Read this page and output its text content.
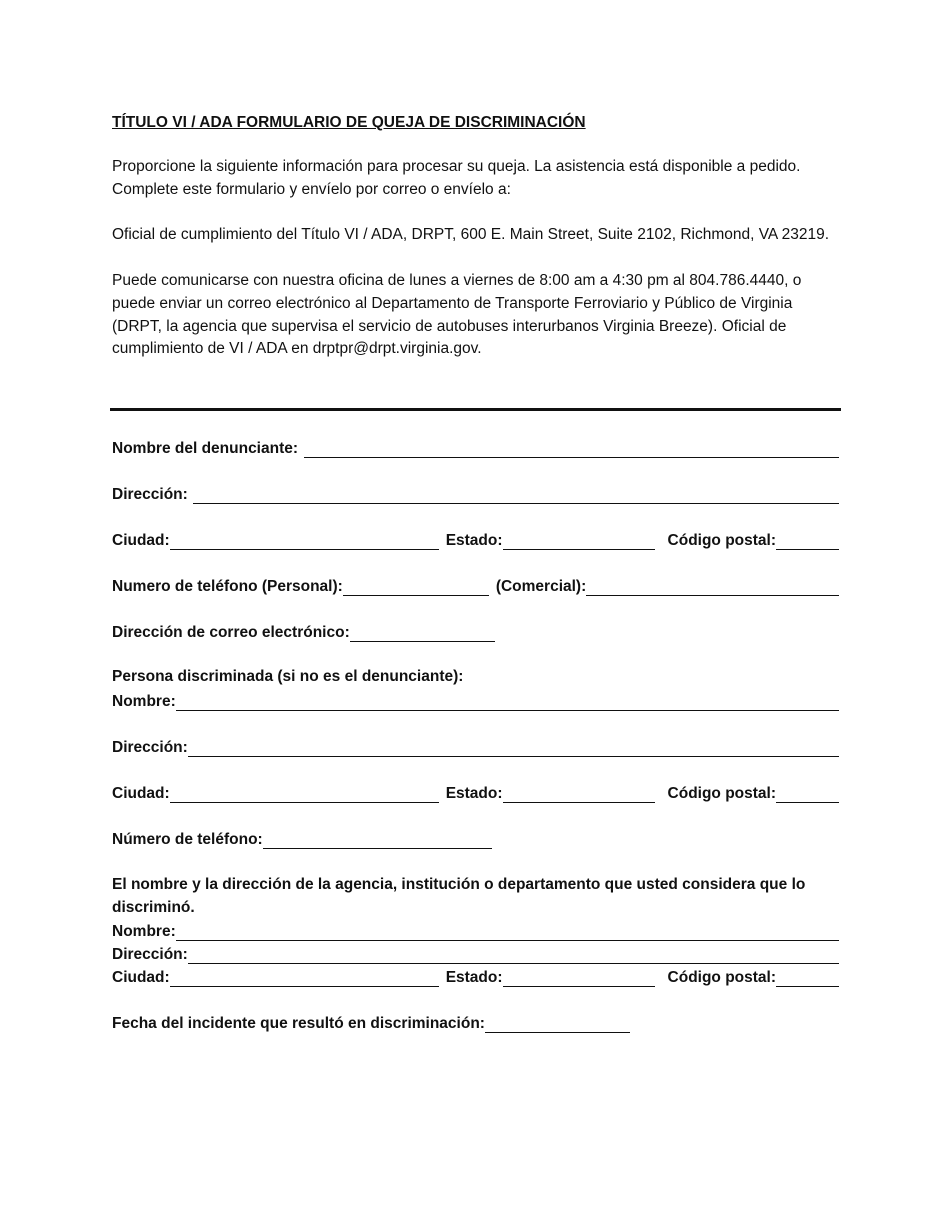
TÍTULO VI / ADA FORMULARIO DE QUEJA DE DISCRIMINACIÓN

Proporcione la siguiente información para procesar su queja. La asistencia está disponible a pedido. Complete este formulario y envíelo por correo o envíelo a:

Oficial de cumplimiento del Título VI / ADA, DRPT, 600 E. Main Street, Suite 2102, Richmond, VA 23219.

Puede comunicarse con nuestra oficina de lunes a viernes de 8:00 am a 4:30 pm al 804.786.4440, o puede enviar un correo electrónico al Departamento de Transporte Ferroviario y Público de Virginia (DRPT, la agencia que supervisa el servicio de autobuses interurbanos Virginia Breeze). Oficial de cumplimiento de VI / ADA en drptpr@drpt.virginia.gov.

Nombre del denunciante:
Dirección:
Ciudad:	Estado:	Código postal:
Numero de teléfono (Personal):	(Comercial):
Dirección de correo electrónico:
Persona discriminada (si no es el denunciante):
Nombre:
Dirección:
Ciudad:	Estado:	Código postal:
Número de teléfono:
El nombre y la dirección de la agencia, institución o departamento que usted considera que lo discriminó.
Nombre:
Dirección:
Ciudad:	Estado:	Código postal:
Fecha del incidente que resultó en discriminación:
